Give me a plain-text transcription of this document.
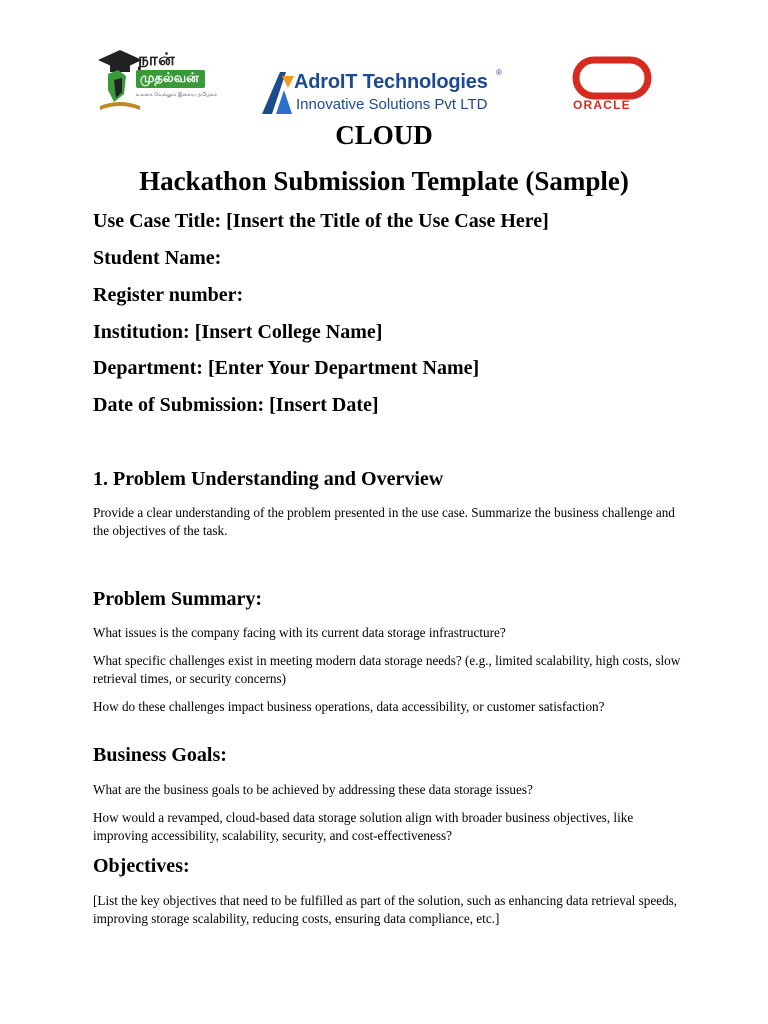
நான்
முதல்வன்
உலகை வெல்லும் இளைய தமிழகம்
AdroIT Technologies ®
Innovative Solutions Pvt LTD	ORACLE
CLOUD
Hackathon Submission Template (Sample)
Use Case Title: [Insert the Title of the Use Case Here]
Student Name:
Register number:
Institution: [Insert College Name]
Department: [Enter Your Department Name]
Date of Submission: [Insert Date]
1. Problem Understanding and Overview
Provide a clear understanding of the problem presented in the use case. Summarize the business challenge and the objectives of the task.
Problem Summary:
What issues is the company facing with its current data storage infrastructure?
What specific challenges exist in meeting modern data storage needs? (e.g., limited scalability, high costs, slow retrieval times, or security concerns)
How do these challenges impact business operations, data accessibility, or customer satisfaction?
Business Goals:
What are the business goals to be achieved by addressing these data storage issues?
How would a revamped, cloud-based data storage solution align with broader business objectives, like improving accessibility, scalability, security, and cost-effectiveness?
Objectives:
[List the key objectives that need to be fulfilled as part of the solution, such as enhancing data retrieval speeds, improving storage scalability, reducing costs, ensuring data compliance, etc.]
